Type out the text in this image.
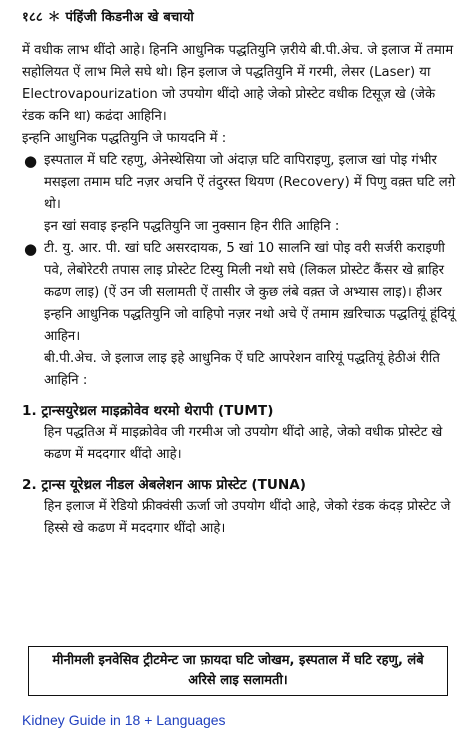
१८८ ＊ पंहिंजी किडनीअ खे बचायो

में वधीक लाभ थींदो आहे। हिननि आधुनिक पद्धतियुनि ज़रीये बी.पी.अेच. जे इलाज में तमाम सहोलियत ऐं लाभ मिले सघे थो। हिन इलाज जे पद्धतियुनि में गरमी, लेसर (Laser) या Electrovapourization जो उपयोग थींदो आहे जेको प्रोस्टेट वधीक टिसूज़ खे (जेके रंडक कनि था) कढंदा आहिनि।

इन्हनि आधुनिक पद्धतियुनि जे फायदनि में :

● इस्पताल में घटि रहणु, अेनेस्थेसिया जो अंदाज़ घटि वापिराइणु, इलाज खां पोइ गंभीर मसइला तमाम घटि नज़र अचनि ऐं तंदुरस्त थियण (Recovery) में पिणु वक़्त घटि लग़े थो।

इन खां सवाइ इन्हनि पद्धतियुनि जा नुक्सान हिन रीति आहिनि :

● टी. यु. आर. पी. खां घटि असरदायक, 5 खां 10 सालनि खां पोइ वरी सर्जरी कराइणी पवे, लेबोरेटरी तपास लाइ प्रोस्टेट टिस्यु मिली नथो सघे (लिकल प्रोस्टेट कैंसर खे ब़ाहिर कढण लाइ) (ऐं उन जी सलामती ऐं तासीर जे कुछ लंबे वक़्त जे अभ्यास लाइ)। हीअर इन्हनि आधुनिक पद्धतियुनि जो वाहिपो नज़र नथो अचे ऐं तमाम ख़रिचाऊ पद्धतियूं हूंदियूं आहिन।

बी.पी.अेच. जे इलाज लाइ इहे आधुनिक ऐं घटि आपरेशन वारियूं पद्धतियूं हेठीअं रीति आहिनि :

1. ट्रान्सयुरेथ्रल माइक्रोवेव थरमो थेरापी (TUMT)

हिन पद्धतिअ में माइक्रोवेव जी गरमीअ जो उपयोग थींदो आहे, जेको वधीक प्रोस्टेट खे कढण में मददगार थींदो आहे।

2. ट्रान्स यूरेथ्रल नीडल अेबलेशन आफ प्रोस्टेट (TUNA)

हिन इलाज में रेडियो फ्रीक्वंसी ऊर्जा जो उपयोग थींदो आहे, जेको रंडक कंदड़ प्रोस्टेट जे हिस्से खे कढण में मददगार थींदो आहे।

मीनीमली इनवेसिव ट्रीटमेन्ट जा फ़ायदा घटि जोखम, इस्पताल में घटि रहणु, लंबे अरिसे लाइ सलामती।
Kidney Guide in 18 + Languages
